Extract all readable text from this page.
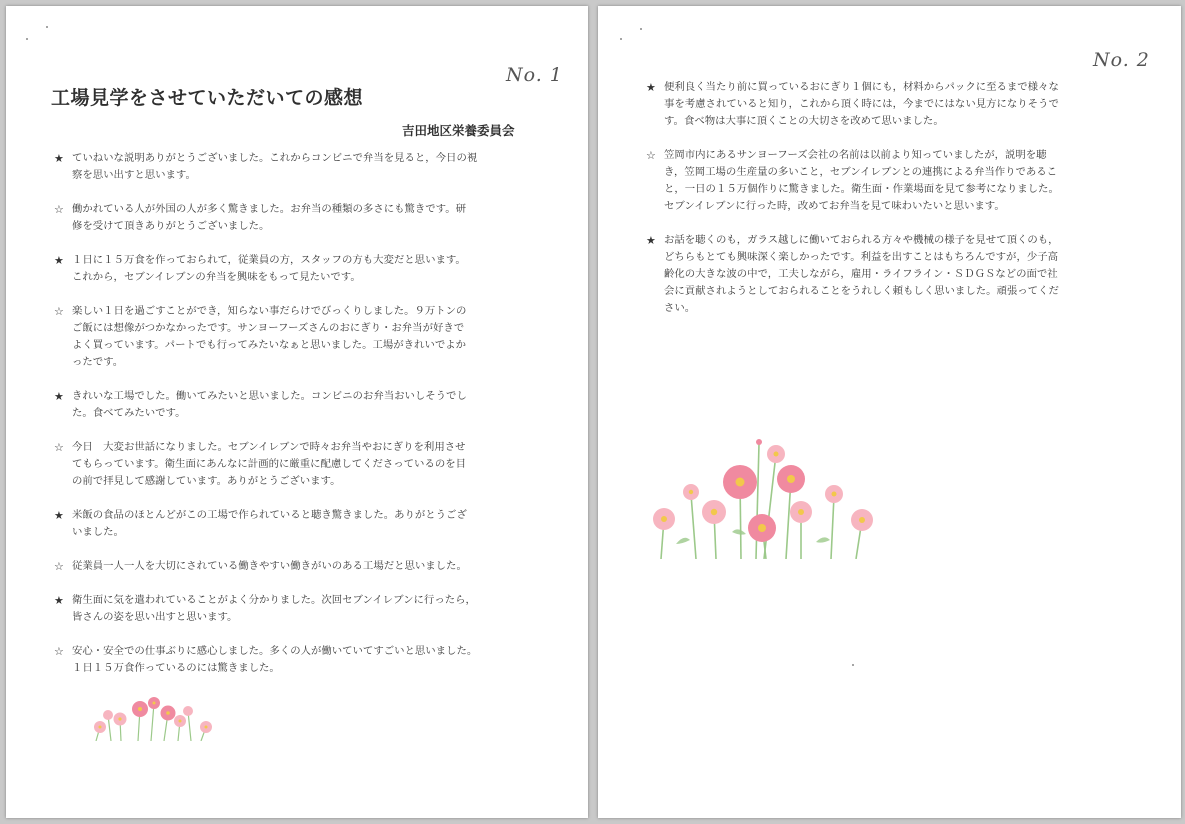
No. 1
工場見学をさせていただいての感想
吉田地区栄養委員会
★ ていねいな説明ありがとうございました。これからコンビニで弁当を見ると，今日の視
察を思い出すと思います。
☆ 働かれている人が外国の人が多く驚きました。お弁当の種類の多さにも驚きです。研
修を受けて頂きありがとうございました。
★ １日に１５万食を作っておられて，従業員の方，スタッフの方も大変だと思います。
これから，セブンイレブンの弁当を興味をもって見たいです。
☆ 楽しい１日を過ごすことができ，知らない事だらけでびっくりしました。９万トンの
ご飯には想像がつかなかったです。サンヨーフーズさんのおにぎり・お弁当が好きで
よく買っています。パートでも行ってみたいなぁと思いました。工場がきれいでよか
ったです。
★ きれいな工場でした。働いてみたいと思いました。コンビニのお弁当おいしそうでし
た。食べてみたいです。
☆ 今日　大変お世話になりました。セブンイレブンで時々お弁当やおにぎりを利用させ
てもらっています。衛生面にあんなに計画的に厳重に配慮してくださっているのを目
の前で拝見して感謝しています。ありがとうございます。
★ 米飯の食品のほとんどがこの工場で作られていると聴き驚きました。ありがとうござ
いました。
☆ 従業員一人一人を大切にされている働きやすい働きがいのある工場だと思いました。
★ 衛生面に気を遣われていることがよく分かりました。次回セブンイレブンに行ったら，
皆さんの姿を思い出すと思います。
☆ 安心・安全での仕事ぶりに感心しました。多くの人が働いていてすごいと思いました。
１日１５万食作っているのには驚きました。
No. 2
★ 便利良く当たり前に買っているおにぎり１個にも，材料からパックに至るまで様々な
事を考慮されていると知り，これから頂く時には，今までにはない見方になりそうで
す。食べ物は大事に頂くことの大切さを改めて思いました。
☆ 笠岡市内にあるサンヨーフーズ会社の名前は以前より知っていましたが，説明を聴
き，笠岡工場の生産量の多いこと，セブンイレブンとの連携による弁当作りであるこ
と，一日の１５万個作りに驚きました。衛生面・作業場面を見て参考になりました。
セブンイレブンに行った時，改めてお弁当を見て味わいたいと思います。
★ お話を聴くのも，ガラス越しに働いておられる方々や機械の様子を見せて頂くのも，
どちらもとても興味深く楽しかったです。利益を出すことはもちろんですが，少子高
齢化の大きな波の中で，工夫しながら，雇用・ライフライン・ＳＤＧＳなどの面で社
会に貢献されようとしておられることをうれしく頼もしく思いました。頑張ってくだ
さい。
